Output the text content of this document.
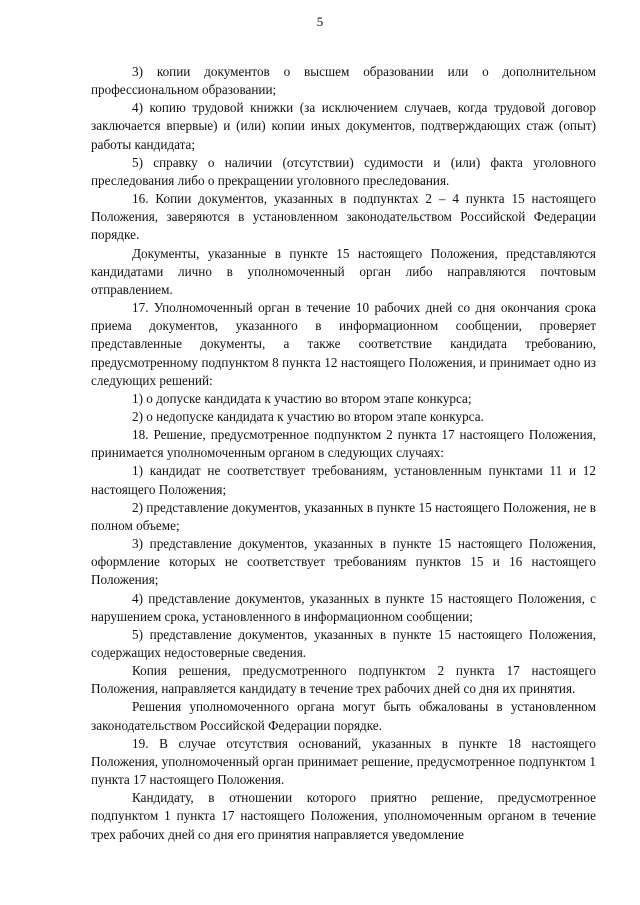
5

3) копии документов о высшем образовании или о дополнительном профессиональном образовании;

4) копию трудовой книжки (за исключением случаев, когда трудовой договор заключается впервые) и (или) копии иных документов, подтверждающих стаж (опыт) работы кандидата;

5) справку о наличии (отсутствии) судимости и (или) факта уголовного преследования либо о прекращении уголовного преследования.

16. Копии документов, указанных в подпунктах 2 – 4 пункта 15 настоящего Положения, заверяются в установленном законодательством Российской Федерации порядке.

Документы, указанные в пункте 15 настоящего Положения, представляются кандидатами лично в уполномоченный орган либо направляются почтовым отправлением.

17. Уполномоченный орган в течение 10 рабочих дней со дня окончания срока приема документов, указанного в информационном сообщении, проверяет представленные документы, а также соответствие кандидата требованию, предусмотренному подпунктом 8 пункта 12 настоящего Положения, и принимает одно из следующих решений:

1) о допуске кандидата к участию во втором этапе конкурса;

2) о недопуске кандидата к участию во втором этапе конкурса.

18. Решение, предусмотренное подпунктом 2 пункта 17 настоящего Положения, принимается уполномоченным органом в следующих случаях:

1) кандидат не соответствует требованиям, установленным пунктами 11 и 12 настоящего Положения;

2) представление документов, указанных в пункте 15 настоящего Положения, не в полном объеме;

3) представление документов, указанных в пункте 15 настоящего Положения, оформление которых не соответствует требованиям пунктов 15 и 16 настоящего Положения;

4) представление документов, указанных в пункте 15 настоящего Положения, с нарушением срока, установленного в информационном сообщении;

5) представление документов, указанных в пункте 15 настоящего Положения, содержащих недостоверные сведения.

Копия решения, предусмотренного подпунктом 2 пункта 17 настоящего Положения, направляется кандидату в течение трех рабочих дней со дня их принятия.

Решения уполномоченного органа могут быть обжалованы в установленном законодательством Российской Федерации порядке.

19. В случае отсутствия оснований, указанных в пункте 18 настоящего Положения, уполномоченный орган принимает решение, предусмотренное подпунктом 1 пункта 17 настоящего Положения.

Кандидату, в отношении которого приятно решение, предусмотренное подпунктом 1 пункта 17 настоящего Положения, уполномоченным органом в течение трех рабочих дней со дня его принятия направляется уведомление
